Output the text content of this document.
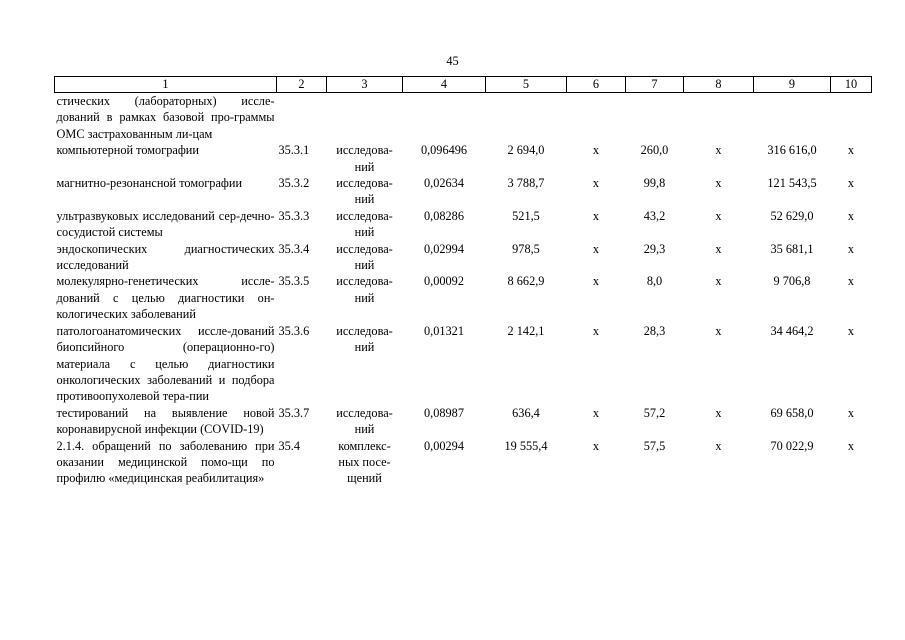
45
1	2	3	4	5	6	7	8	9	10
стических (лабораторных) иссле-дований в рамках базовой про-граммы ОМС застрахованным ли-цам									
компьютерной томографии	35.3.1	исследова-ний	0,096496	2 694,0	х	260,0	х	316 616,0	х
магнитно-резонансной томографии	35.3.2	исследова-ний	0,02634	3 788,7	х	99,8	х	121 543,5	х
ультразвуковых исследований сер-дечно-сосудистой системы	35.3.3	исследова-ний	0,08286	521,5	х	43,2	х	52 629,0	х
эндоскопических диагностических исследований	35.3.4	исследова-ний	0,02994	978,5	х	29,3	х	35 681,1	х
молекулярно-генетических иссле-дований с целью диагностики он-кологических заболеваний	35.3.5	исследова-ний	0,00092	8 662,9	х	8,0	х	9 706,8	х
патологоанатомических иссле-дований биопсийного (операционно-го) материала с целью диагностики онкологических заболеваний и подбора противоопухолевой тера-пии	35.3.6	исследова-ний	0,01321	2 142,1	х	28,3	х	34 464,2	х
тестирований на выявление новой коронавирусной инфекции (COVID-19)	35.3.7	исследова-ний	0,08987	636,4	х	57,2	х	69 658,0	х
2.1.4. обращений по заболеванию при оказании медицинской помо-щи по профилю «медицинская реабилитация»	35.4	комплекс-ных посе-щений	0,00294	19 555,4	х	57,5	х	70 022,9	х
